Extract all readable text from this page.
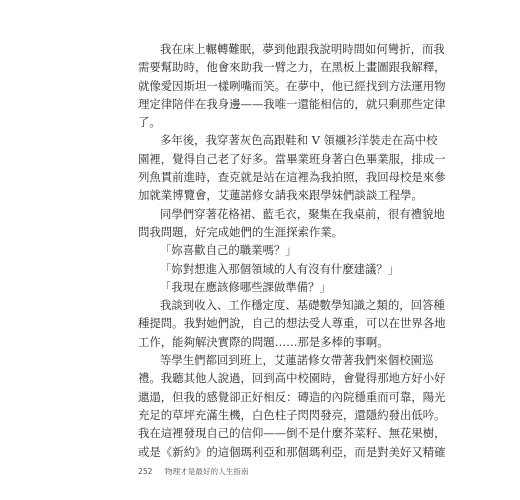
我在床上輾轉難眠，夢到他跟我說明時間如何彎折，而我
需要幫助時，他會來助我一臂之力，在黑板上畫圖跟我解釋，
就像愛因斯坦一樣咧嘴而笑。在夢中，他已經找到方法運用物
理定律陪伴在我身邊——我唯一還能相信的，就只剩那些定律
了。
多年後，我穿著灰色高跟鞋和 V 領襯衫洋裝走在高中校
園裡，覺得自己老了好多。當畢業班身著白色畢業服，排成一
列魚貫前進時，查克就是站在這裡為我拍照，我回母校是來參
加就業博覽會，艾蓮諾修女請我來跟學妹們談談工程學。
同學們穿著花格裙、藍毛衣，聚集在我桌前，很有禮貌地
問我問題，好完成她們的生涯探索作業。
「妳喜歡自己的職業嗎？」
「妳對想進入那個領域的人有沒有什麼建議？」
「我現在應該修哪些課做準備？」
我談到收入、工作穩定度、基礎數學知識之類的，回答種
種提問。我對她們說，自己的想法受人尊重，可以在世界各地
工作，能夠解決實際的問題……那是多棒的事啊。
等學生們都回到班上，艾蓮諾修女帶著我們來個校園巡
禮。我聽其他人說過，回到高中校園時，會覺得那地方好小好
邋遢，但我的感覺卻正好相反：磚造的內院穩重而可靠，陽光
充足的草坪充滿生機，白色柱子閃閃發亮，還隱約發出低吟。
我在這裡發現自己的信仰——倒不是什麼芥菜籽、無花果樹，
或是《新約》的這個瑪利亞和那個瑪利亞，而是對美好又精確
252 物理才是最好的人生指南
